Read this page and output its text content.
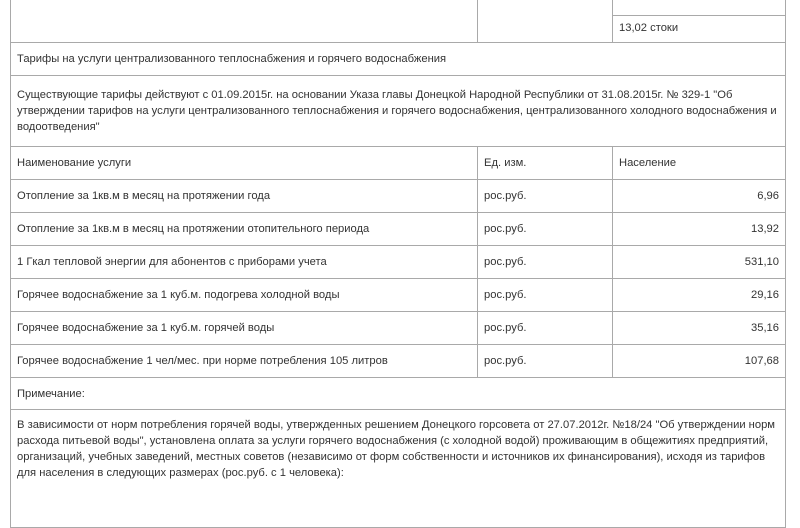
		13,02 стоки

Тарифы на услуги централизованного теплоснабжения и горячего водоснабжения		
Существующие тарифы действуют с 01.09.2015г. на основании Указа главы Донецкой Народной Республики от 31.08.2015г. № 329-1 "Об утверждении тарифов на услуги централизованного теплоснабжения и горячего водоснабжения, централизованного холодного водоснабжения и водоотведения"		
Наименование услуги	Ед. изм.	Население
Отопление за 1кв.м в месяц на протяжении года	рос.руб.	6,96
Отопление за 1кв.м в месяц на протяжении отопительного периода	рос.руб.	13,92
1 Гкал тепловой энергии для абонентов с приборами учета	рос.руб.	531,10
Горячее водоснабжение за 1 куб.м. подогрева холодной воды	рос.руб.	29,16
Горячее водоснабжение за 1 куб.м. горячей воды	рос.руб.	35,16
Горячее водоснабжение 1 чел/мес. при норме потребления 105 литров	рос.руб.	107,68
Примечание:		
В зависимости от норм потребления горячей воды, утвержденных решением Донецкого горсовета от 27.07.2012г. №18/24 "Об утверждении норм расхода питьевой воды", установлена оплата за услуги горячего водоснабжения (с холодной водой) проживающим в общежитиях предприятий, организаций, учебных заведений, местных советов (независимо от форм собственности и источников их финансирования), исходя из тарифов для населения в следующих размерах (рос.руб. с 1 человека):		
